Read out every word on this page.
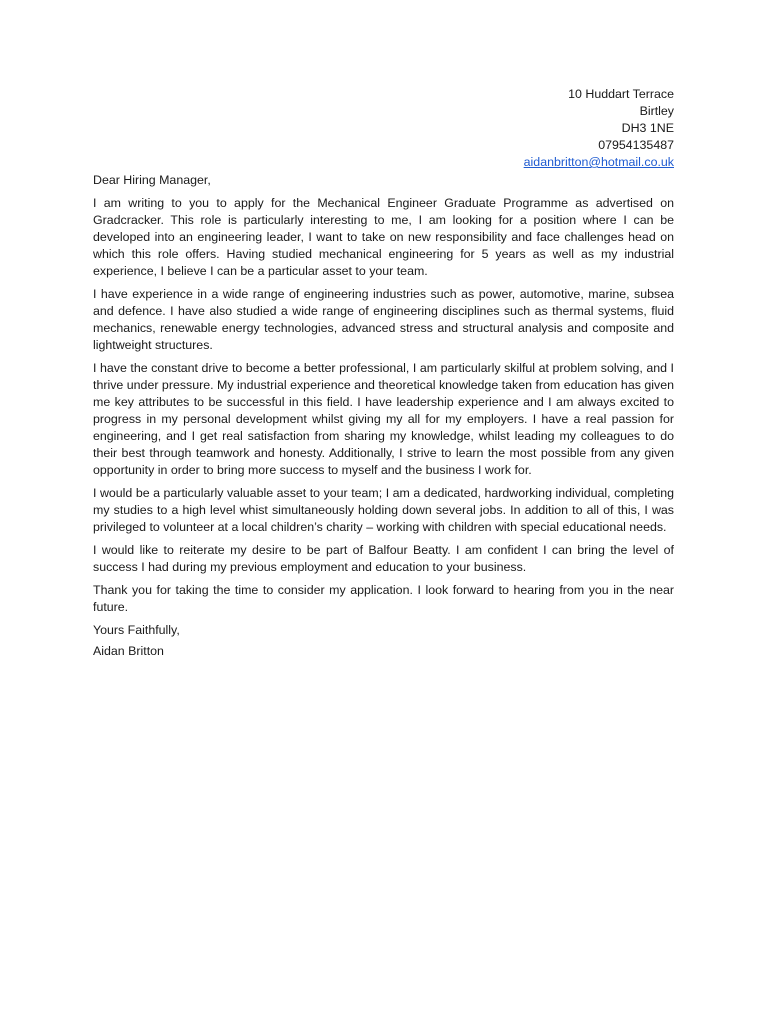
10 Huddart Terrace
Birtley
DH3 1NE
07954135487
aidanbritton@hotmail.co.uk

Dear Hiring Manager,

I am writing to you to apply for the Mechanical Engineer Graduate Programme as advertised on Gradcracker. This role is particularly interesting to me, I am looking for a position where I can be developed into an engineering leader, I want to take on new responsibility and face challenges head on which this role offers. Having studied mechanical engineering for 5 years as well as my industrial experience, I believe I can be a particular asset to your team.

I have experience in a wide range of engineering industries such as power, automotive, marine, subsea and defence. I have also studied a wide range of engineering disciplines such as thermal systems, fluid mechanics, renewable energy technologies, advanced stress and structural analysis and composite and lightweight structures.

I have the constant drive to become a better professional, I am particularly skilful at problem solving, and I thrive under pressure. My industrial experience and theoretical knowledge taken from education has given me key attributes to be successful in this field. I have leadership experience and I am always excited to progress in my personal development whilst giving my all for my employers. I have a real passion for engineering, and I get real satisfaction from sharing my knowledge, whilst leading my colleagues to do their best through teamwork and honesty. Additionally, I strive to learn the most possible from any given opportunity in order to bring more success to myself and the business I work for.

I would be a particularly valuable asset to your team; I am a dedicated, hardworking individual, completing my studies to a high level whist simultaneously holding down several jobs. In addition to all of this, I was privileged to volunteer at a local children’s charity – working with children with special educational needs.

I would like to reiterate my desire to be part of Balfour Beatty. I am confident I can bring the level of success I had during my previous employment and education to your business.

Thank you for taking the time to consider my application. I look forward to hearing from you in the near future.

Yours Faithfully,

Aidan Britton
